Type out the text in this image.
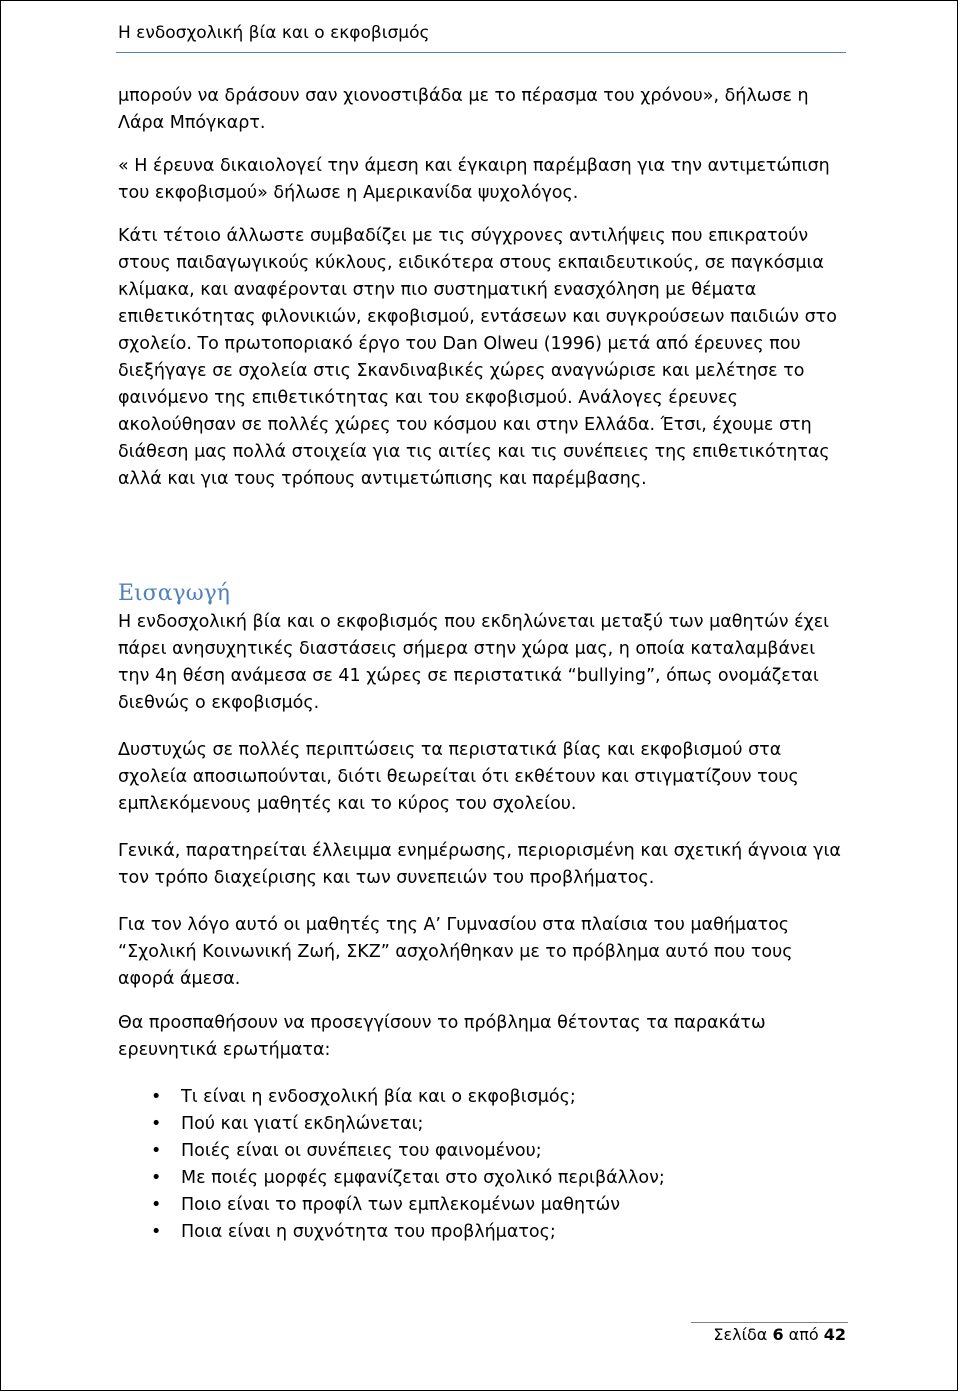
Η ενδοσχολική βία και ο εκφοβισμός

μπορούν να δράσουν σαν χιονοστιβάδα με το πέρασμα του χρόνου», δήλωσε η Λάρα Μπόγκαρτ.

« Η έρευνα δικαιολογεί την άμεση και έγκαιρη παρέμβαση για την αντιμετώπιση του εκφοβισμού» δήλωσε η Αμερικανίδα ψυχολόγος.

Κάτι τέτοιο άλλωστε συμβαδίζει με τις σύγχρονες αντιλήψεις που επικρατούν στους παιδαγωγικούς κύκλους, ειδικότερα στους εκπαιδευτικούς, σε παγκόσμια κλίμακα, και αναφέρονται στην πιο συστηματική ενασχόληση με θέματα επιθετικότητας φιλονικιών, εκφοβισμού, εντάσεων και συγκρούσεων παιδιών στο σχολείο. Το πρωτοποριακό έργο του Dan Olweu (1996) μετά από έρευνες που διεξήγαγε σε σχολεία στις Σκανδιναβικές χώρες αναγνώρισε και μελέτησε το φαινόμενο της επιθετικότητας και του εκφοβισμού. Ανάλογες έρευνες ακολούθησαν σε πολλές χώρες του κόσμου και στην Ελλάδα. Έτσι, έχουμε στη διάθεση μας πολλά στοιχεία για τις αιτίες και τις συνέπειες της επιθετικότητας αλλά και για τους τρόπους αντιμετώπισης και παρέμβασης.

Εισαγωγή

Η ενδοσχολική βία και ο εκφοβισμός που εκδηλώνεται μεταξύ των μαθητών έχει πάρει ανησυχητικές διαστάσεις σήμερα στην χώρα μας, η οποία καταλαμβάνει την 4η θέση ανάμεσα σε 41 χώρες σε περιστατικά “bullying”, όπως ονομάζεται διεθνώς ο εκφοβισμός.

Δυστυχώς σε πολλές περιπτώσεις τα περιστατικά βίας και εκφοβισμού στα σχολεία αποσιωπούνται, διότι θεωρείται ότι εκθέτουν και στιγματίζουν τους εμπλεκόμενους μαθητές και το κύρος του σχολείου.

Γενικά, παρατηρείται έλλειμμα ενημέρωσης, περιορισμένη και σχετική άγνοια για τον τρόπο διαχείρισης και των συνεπειών του προβλήματος.

Για τον λόγο αυτό οι μαθητές της Α’ Γυμνασίου στα πλαίσια του μαθήματος “Σχολική Κοινωνική Ζωή, ΣΚΖ” ασχολήθηκαν με το πρόβλημα αυτό που τους αφορά άμεσα.

Θα προσπαθήσουν να προσεγγίσουν το πρόβλημα θέτοντας τα παρακάτω ερευνητικά ερωτήματα:

• Τι είναι η ενδοσχολική βία και ο εκφοβισμός;
• Πού και γιατί εκδηλώνεται;
• Ποιές είναι οι συνέπειες του φαινομένου;
• Με ποιές μορφές εμφανίζεται στο σχολικό περιβάλλον;
• Ποιο είναι το προφίλ των εμπλεκομένων μαθητών
• Ποια είναι η συχνότητα του προβλήματος;
Σελίδα 6 από 42
